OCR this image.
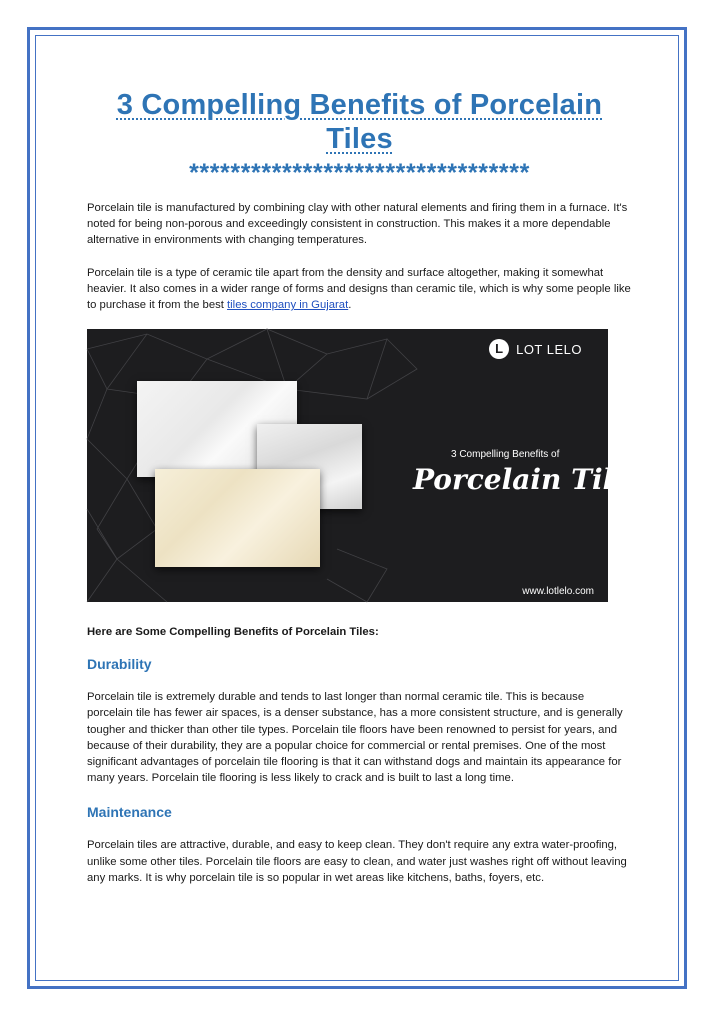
3 Compelling Benefits of Porcelain Tiles
*********************************

Porcelain tile is manufactured by combining clay with other natural elements and firing them in a furnace. It's noted for being non-porous and exceedingly consistent in construction. This makes it a more dependable alternative in environments with changing temperatures.

Porcelain tile is a type of ceramic tile apart from the density and surface altogether, making it somewhat heavier. It also comes in a wider range of forms and designs than ceramic tile, which is why some people like to purchase it from the best tiles company in Gujarat.

L	LOT LELO
3 Compelling Benefits of
Porcelain Tiles
www.lotlelo.com
Here are Some Compelling Benefits of Porcelain Tiles:
Durability

Porcelain tile is extremely durable and tends to last longer than normal ceramic tile. This is because porcelain tile has fewer air spaces, is a denser substance, has a more consistent structure, and is generally tougher and thicker than other tile types. Porcelain tile floors have been renowned to persist for years, and because of their durability, they are a popular choice for commercial or rental premises. One of the most significant advantages of porcelain tile flooring is that it can withstand dogs and maintain its appearance for many years. Porcelain tile flooring is less likely to crack and is built to last a long time.

Maintenance

Porcelain tiles are attractive, durable, and easy to keep clean. They don't require any extra water-proofing, unlike some other tiles. Porcelain tile floors are easy to clean, and water just washes right off without leaving any marks. It is why porcelain tile is so popular in wet areas like kitchens, baths, foyers, etc.
